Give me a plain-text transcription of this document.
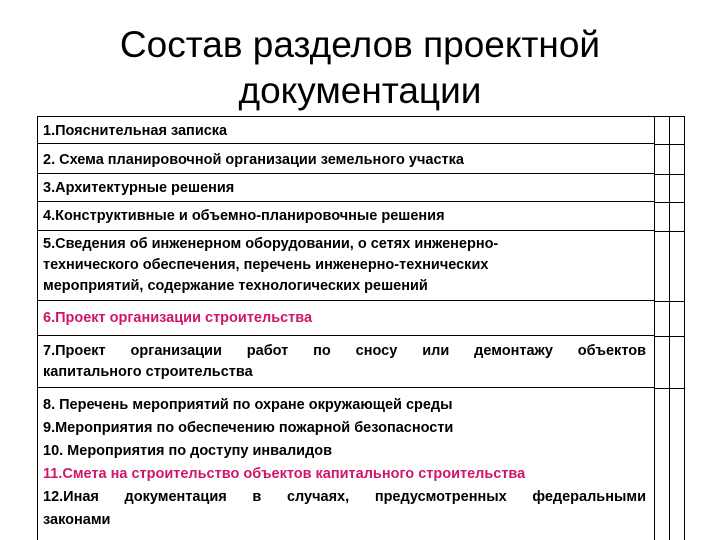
Состав разделов проектной
документации
1.Пояснительная записка
2. Схема планировочной организации земельного участка
3.Архитектурные решения
4.Конструктивные и объемно-планировочные решения
5.Сведения об инженерном оборудовании, о сетях инженерно-
технического обеспечения, перечень инженерно-технических
мероприятий, содержание технологических решений
6.Проект организации строительства
7.Проект организации работ по сносу или демонтажу объектов
капитального строительства
8. Перечень мероприятий по охране окружающей среды
9.Мероприятия по обеспечению пожарной безопасности
10. Мероприятия по доступу инвалидов
11.Смета на строительство объектов капитального строительства
12.Иная документация в случаях, предусмотренных федеральными
законами
